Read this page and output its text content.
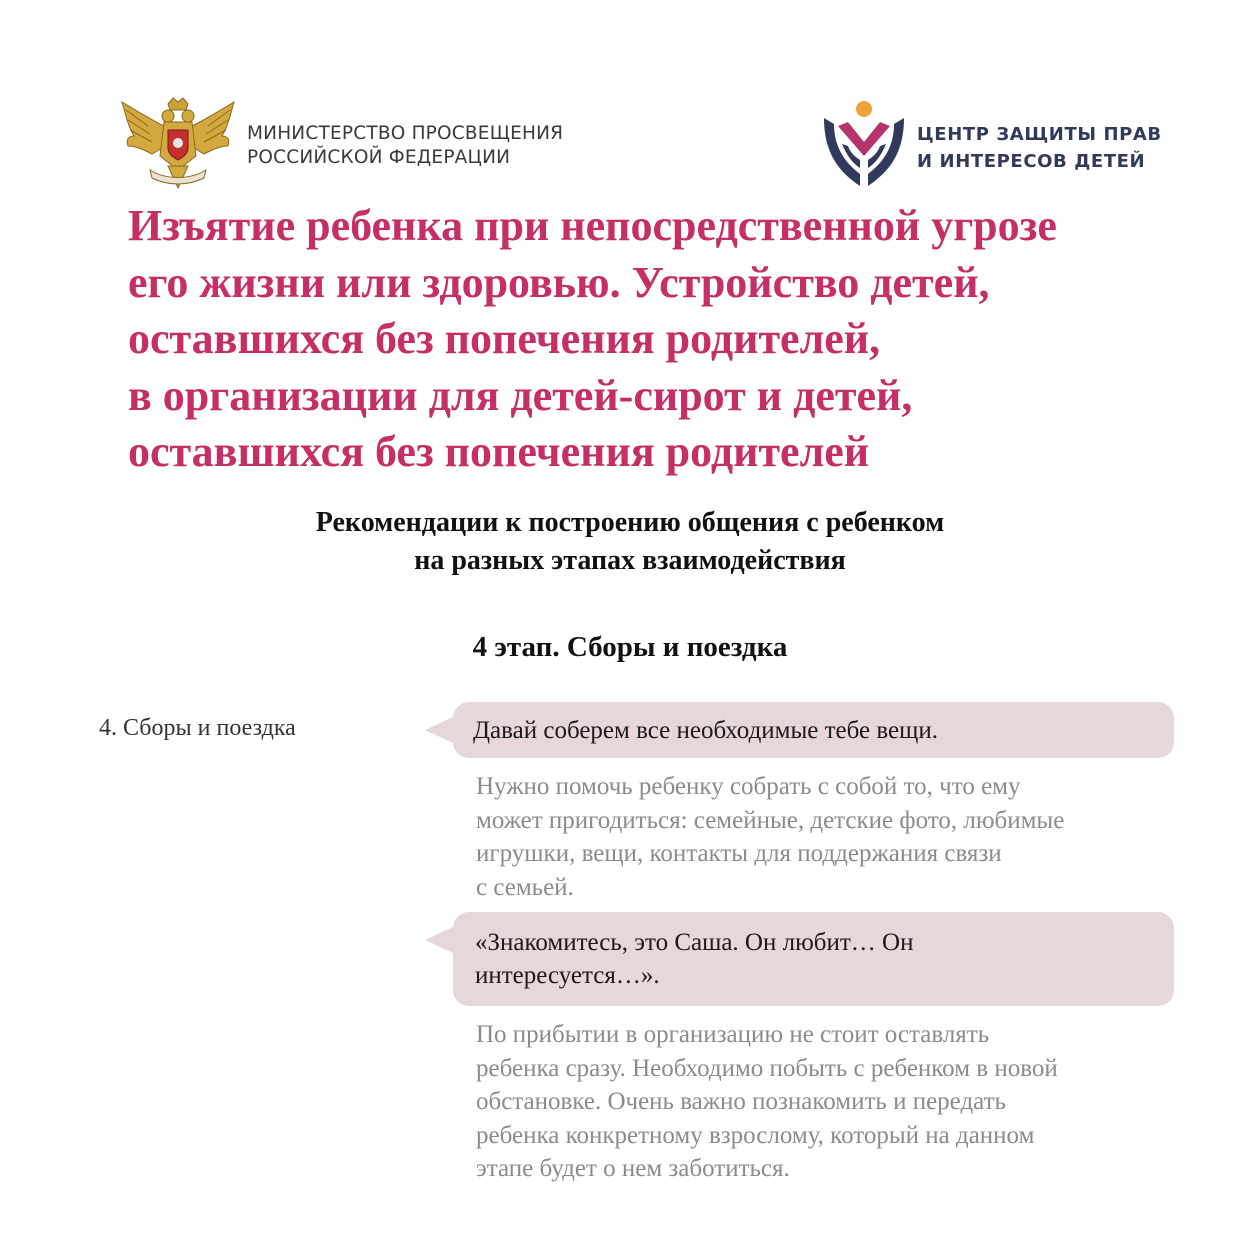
МИНИСТЕРСТВО ПРОСВЕЩЕНИЯ
РОССИЙСКОЙ ФЕДЕРАЦИИ
ЦЕНТР ЗАЩИТЫ ПРАВ
И ИНТЕРЕСОВ ДЕТЕЙ
Изъятие ребенка при непосредственной угрозе
его жизни или здоровью. Устройство детей,
оставшихся без попечения родителей,
в организации для детей-сирот и детей,
оставшихся без попечения родителей
Рекомендации к построению общения с ребенком
на разных этапах взаимодействия
4 этап. Сборы и поездка
4. Сборы и поездка	Давай соберем все необходимые тебе вещи.
Нужно помочь ребенку собрать с собой то, что ему
может пригодиться: семейные, детские фото, любимые
игрушки, вещи, контакты для поддержания связи
с семьей.
«Знакомитесь, это Саша. Он любит… Он
интересуется…».
По прибытии в организацию не стоит оставлять
ребенка сразу. Необходимо побыть с ребенком в новой
обстановке. Очень важно познакомить и передать
ребенка конкретному взрослому, который на данном
этапе будет о нем заботиться.
